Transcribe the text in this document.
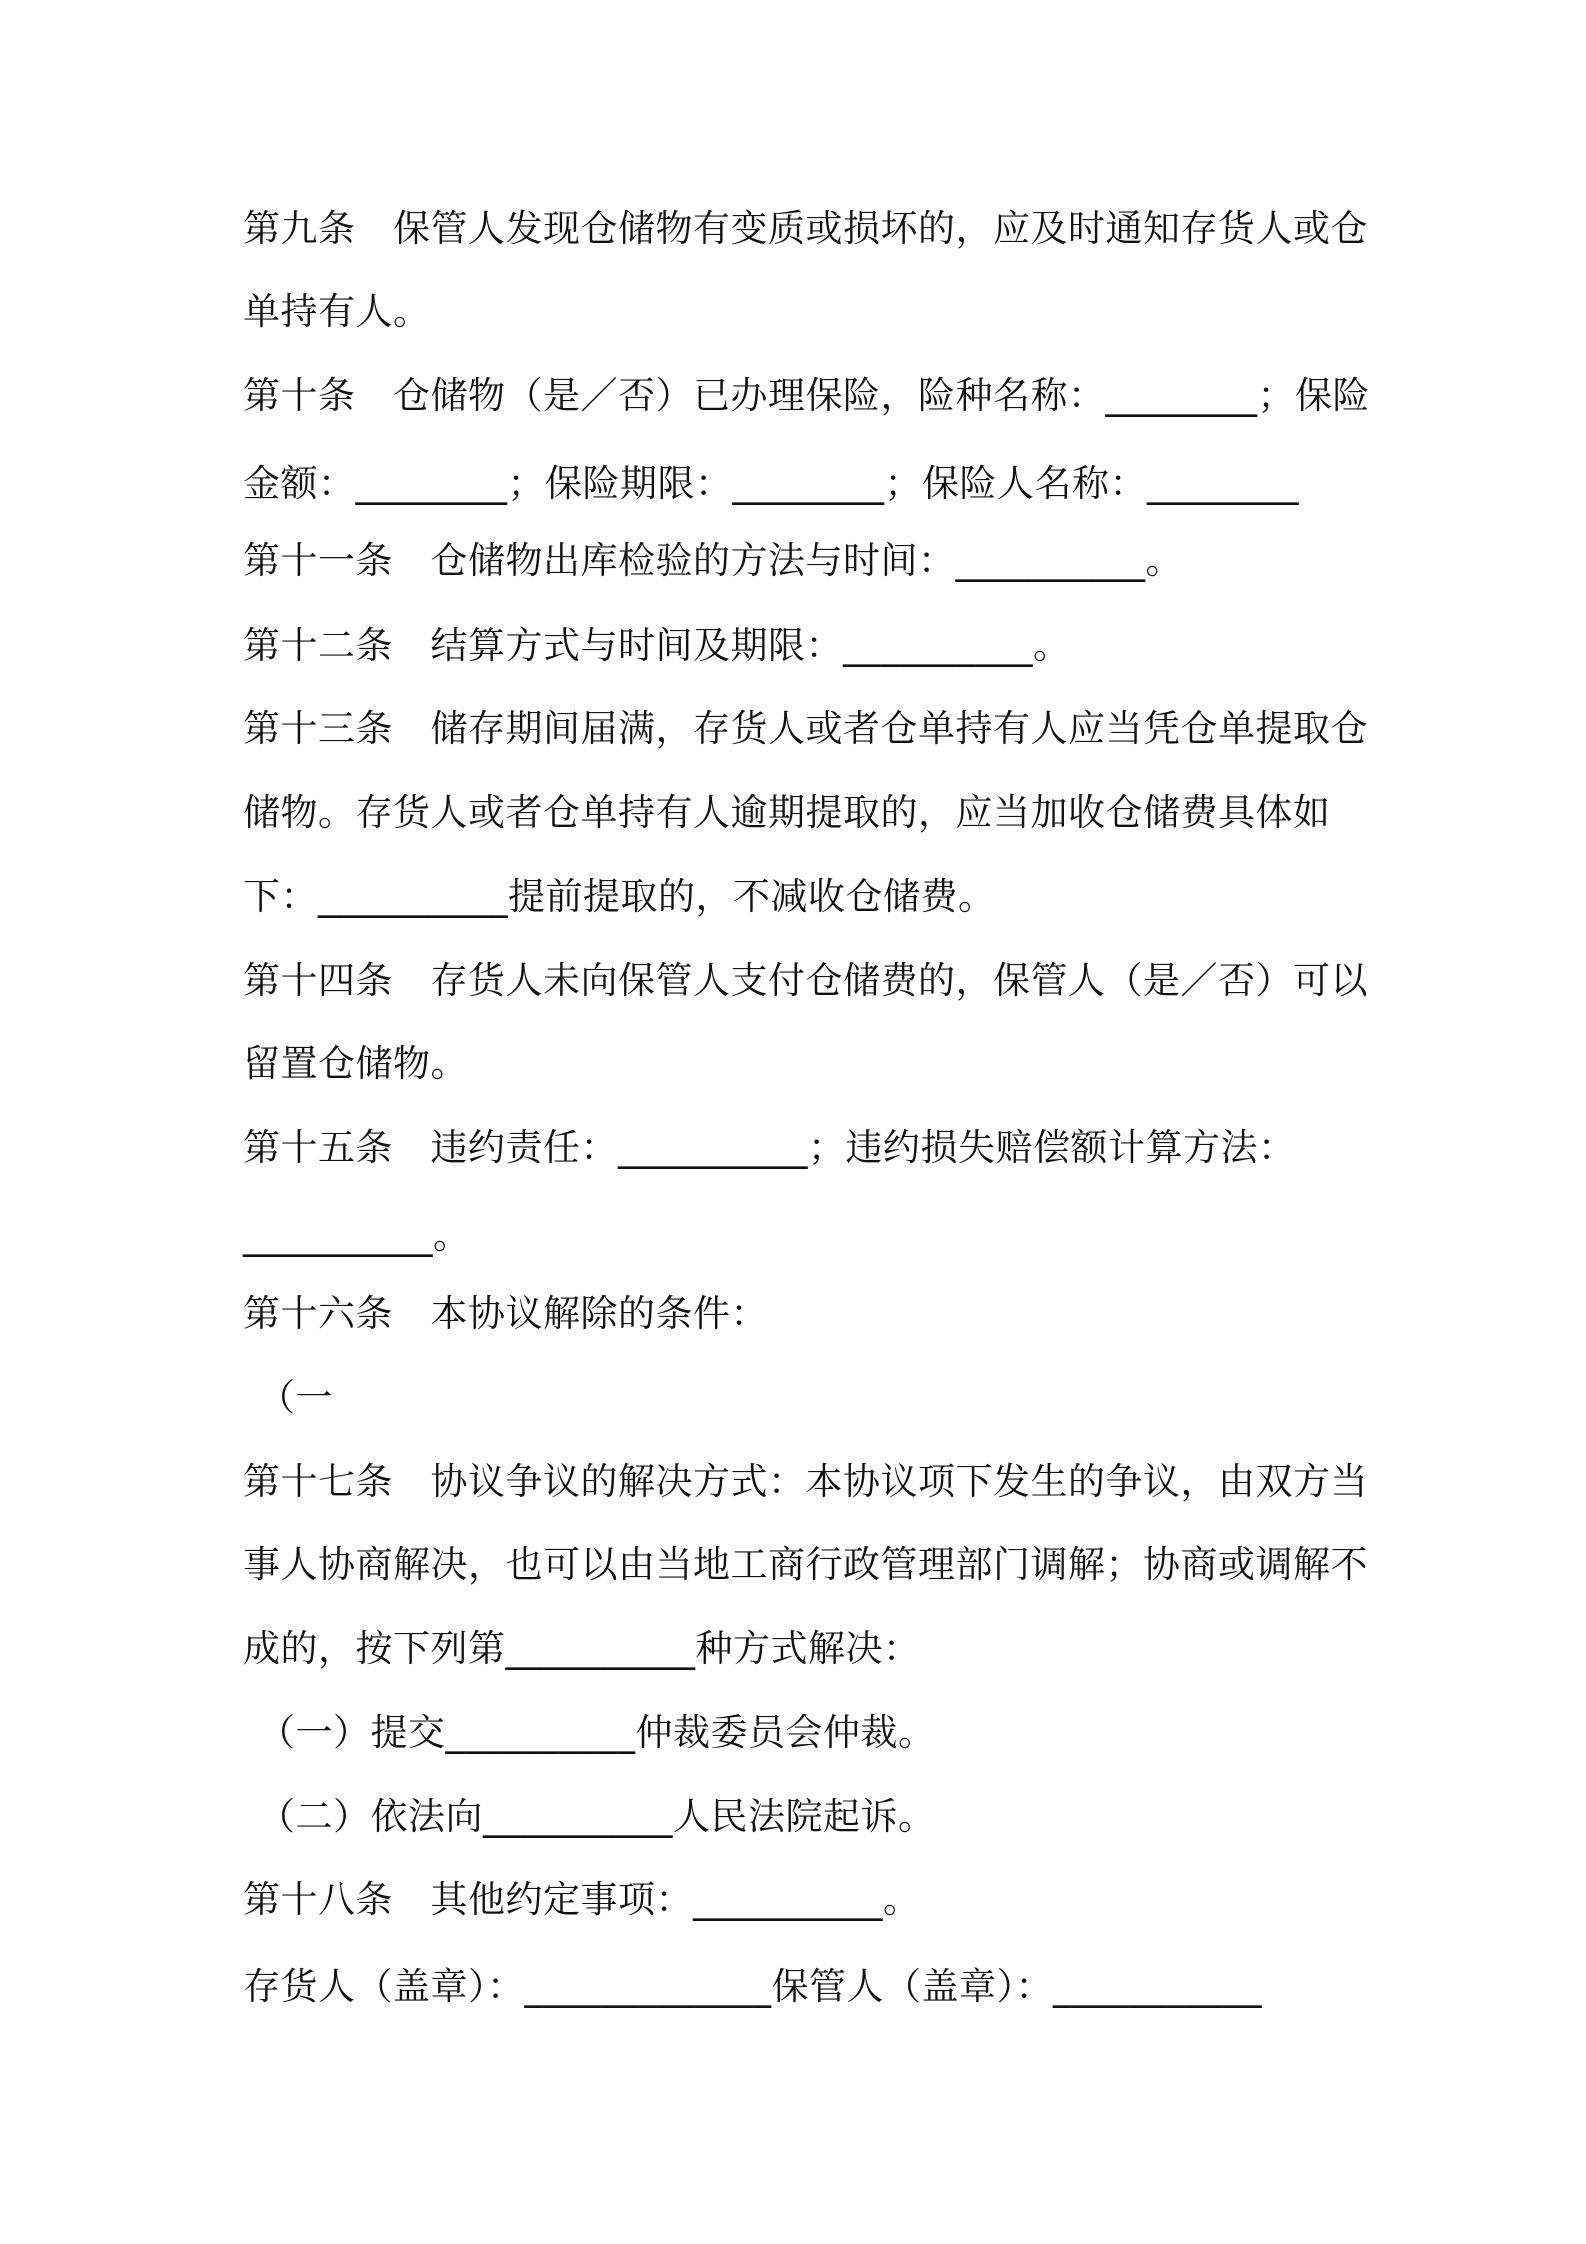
第九条　保管人发现仓储物有变质或损坏的，应及时通知存货人或仓
单持有人。
第十条　仓储物（是／否）已办理保险，险种名称：________；保险
金额：________；保险期限：________；保险人名称：________
第十一条　仓储物出库检验的方法与时间：__________。
第十二条　结算方式与时间及期限：__________。
第十三条　储存期间届满，存货人或者仓单持有人应当凭仓单提取仓
储物。存货人或者仓单持有人逾期提取的，应当加收仓储费具体如
下：__________提前提取的，不减收仓储费。
第十四条　存货人未向保管人支付仓储费的，保管人（是／否）可以
留置仓储物。
第十五条　违约责任：__________；违约损失赔偿额计算方法：
__________。
第十六条　本协议解除的条件：
（一
第十七条　协议争议的解决方式：本协议项下发生的争议，由双方当
事人协商解决，也可以由当地工商行政管理部门调解；协商或调解不
成的，按下列第__________种方式解决：
（一）提交__________仲裁委员会仲裁。
（二）依法向__________人民法院起诉。
第十八条　其他约定事项：__________。
存货人（盖章）：_____________保管人（盖章）：___________
